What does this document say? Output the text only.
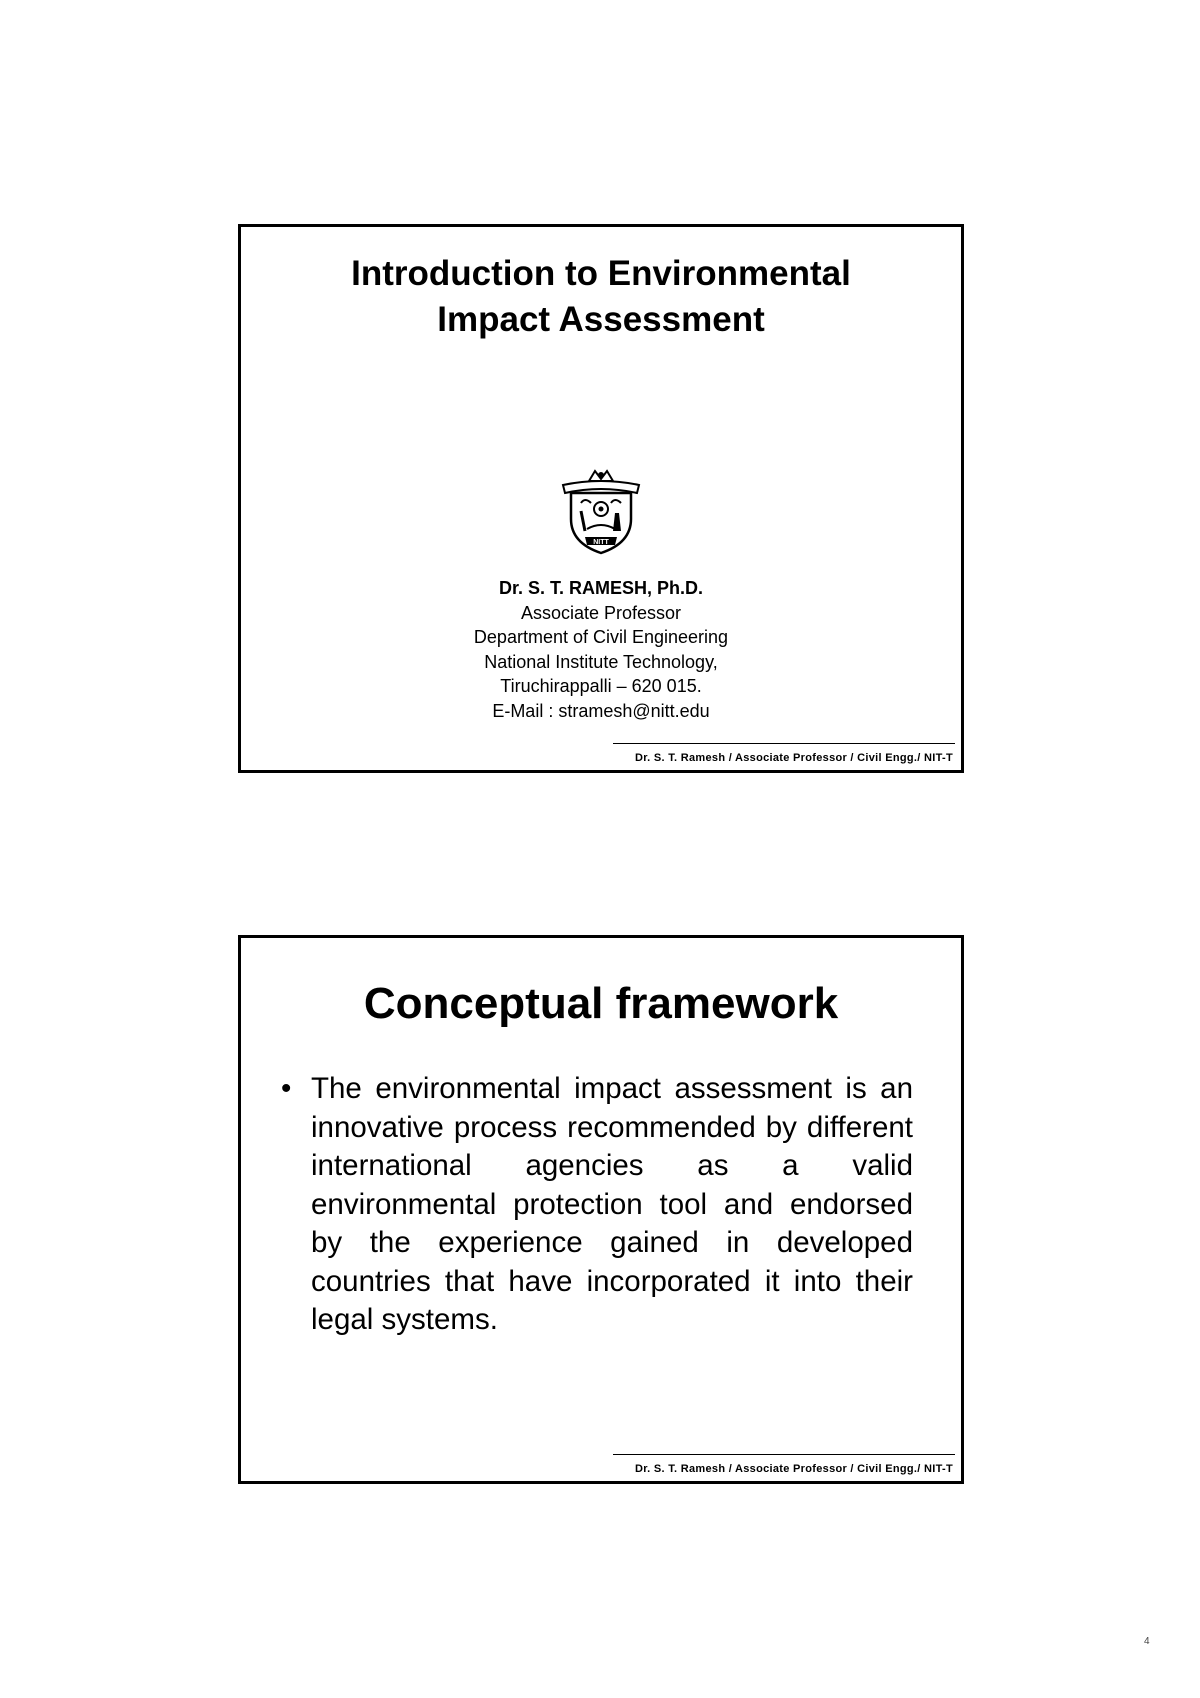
Introduction to Environmental
Impact Assessment
NITT
Dr. S. T. RAMESH, Ph.D.
Associate Professor
Department of Civil Engineering
National Institute Technology,
Tiruchirappalli – 620 015.
E-Mail : stramesh@nitt.edu
Dr. S. T. Ramesh / Associate Professor / Civil Engg./ NIT-T
Conceptual framework
• The environmental impact assessment is an innovative process recommended by different international agencies as a valid environmental protection tool and endorsed by the experience gained in developed countries that have incorporated it into their legal systems.
Dr. S. T. Ramesh / Associate Professor / Civil Engg./ NIT-T
4
